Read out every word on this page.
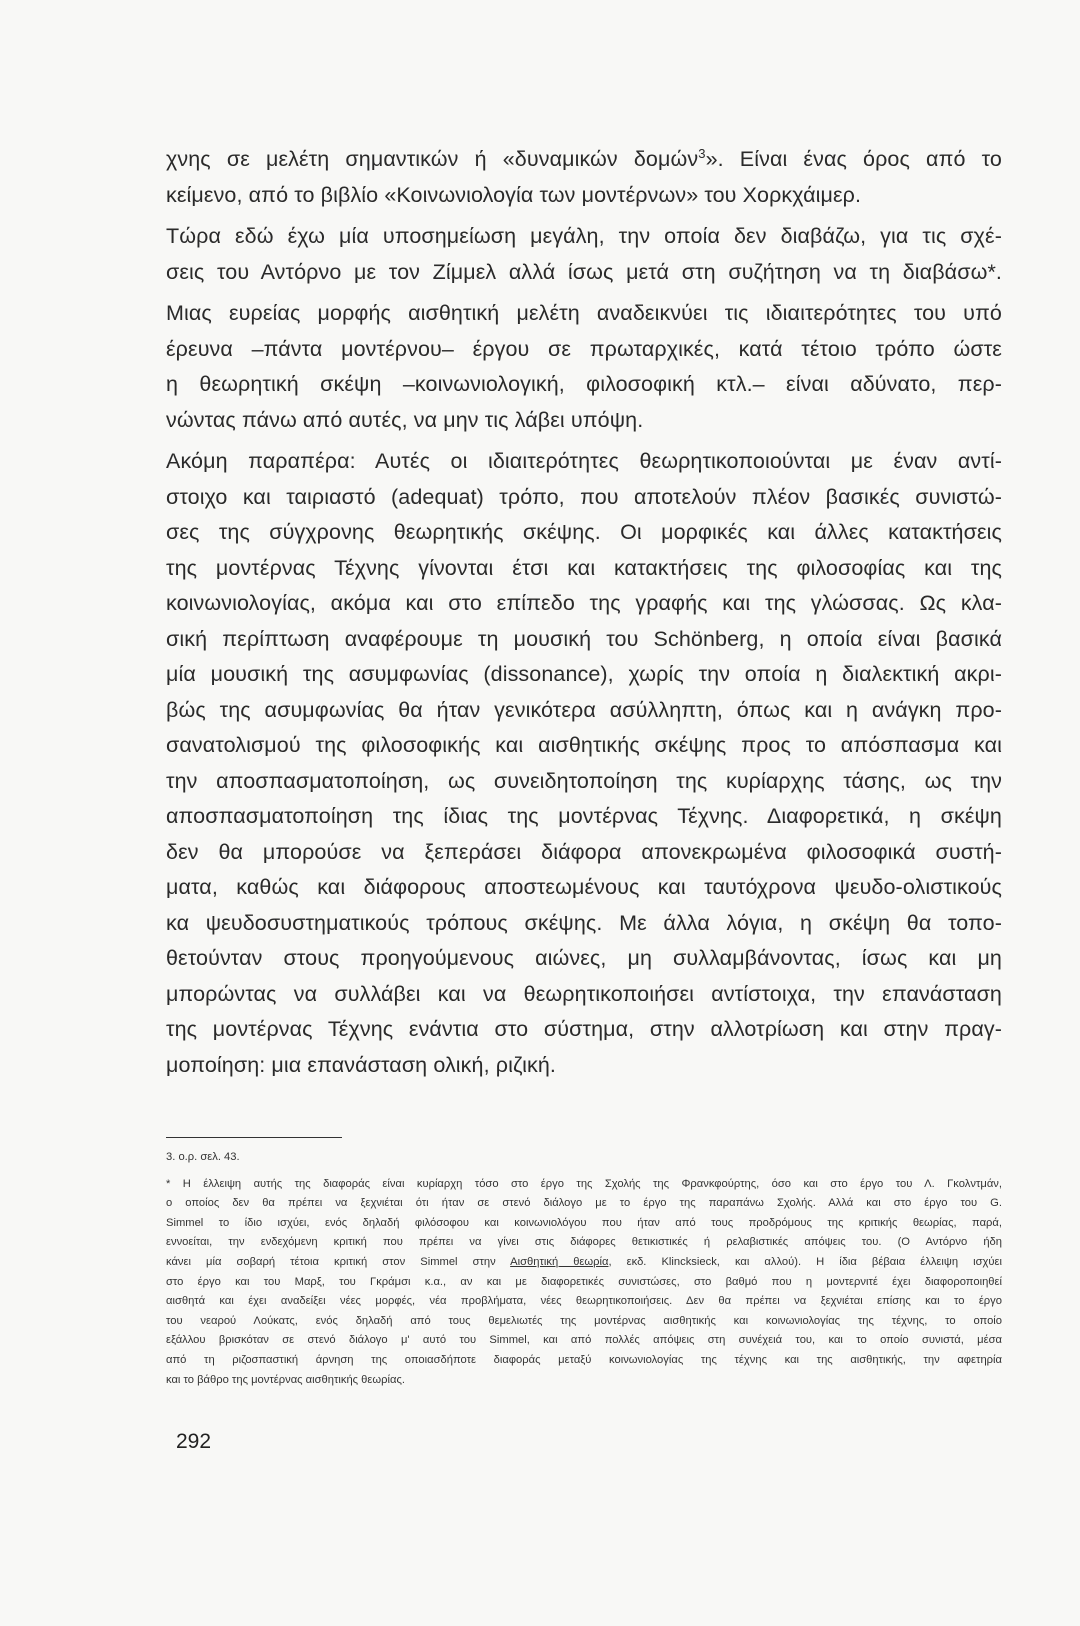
χνης σε μελέτη σημαντικών ή «δυναμικών δομών$^3$». Είναι ένας όρος από το
κείμενο, από το βιβλίο «Κοινωνιολογία των μοντέρνων» του Χορκχάιμερ.
Τώρα εδώ έχω μία υποσημείωση μεγάλη, την οποία δεν διαβάζω, για τις σχέ-
σεις του Αντόρνο με τον Ζίμμελ αλλά ίσως μετά στη συζήτηση να τη διαβάσω*.
Μιας ευρείας μορφής αισθητική μελέτη αναδεικνύει τις ιδιαιτερότητες του υπό
έρευνα –πάντα μοντέρνου– έργου σε πρωταρχικές, κατά τέτοιο τρόπο ώστε
η θεωρητική σκέψη –κοινωνιολογική, φιλοσοφική κτλ.– είναι αδύνατο, περ-
νώντας πάνω από αυτές, να μην τις λάβει υπόψη.
Ακόμη παραπέρα: Αυτές οι ιδιαιτερότητες θεωρητικοποιούνται με έναν αντί-
στοιχο και ταιριαστό (adequat) τρόπο, που αποτελούν πλέον βασικές συνιστώ-
σες της σύγχρονης θεωρητικής σκέψης. Οι μορφικές και άλλες κατακτήσεις
της μοντέρνας Τέχνης γίνονται έτσι και κατακτήσεις της φιλοσοφίας και της
κοινωνιολογίας, ακόμα και στο επίπεδο της γραφής και της γλώσσας. Ως κλα-
σική περίπτωση αναφέρουμε τη μουσική του Schönberg, η οποία είναι βασικά
μία μουσική της ασυμφωνίας (dissonance), χωρίς την οποία η διαλεκτική ακρι-
βώς της ασυμφωνίας θα ήταν γενικότερα ασύλληπτη, όπως και η ανάγκη προ-
σανατολισμού της φιλοσοφικής και αισθητικής σκέψης προς το απόσπασμα και
την αποσπασματοποίηση, ως συνειδητοποίηση της κυρίαρχης τάσης, ως την
αποσπασματοποίηση της ίδιας της μοντέρνας Τέχνης. Διαφορετικά, η σκέψη
δεν θα μπορούσε να ξεπεράσει διάφορα απονεκρωμένα φιλοσοφικά συστή-
ματα, καθώς και διάφορους αποστεωμένους και ταυτόχρονα ψευδο-ολιστικούς
κα ψευδοσυστηματικούς τρόπους σκέψης. Με άλλα λόγια, η σκέψη θα τοπο-
θετούνταν στους προηγούμενους αιώνες, μη συλλαμβάνοντας, ίσως και μη
μπορώντας να συλλάβει και να θεωρητικοποιήσει αντίστοιχα, την επανάσταση
της μοντέρνας Τέχνης ενάντια στο σύστημα, στην αλλοτρίωση και στην πραγ-
μοποίηση: μια επανάσταση ολική, ριζική.
3. ο.ρ. σελ. 43.
* Η έλλειψη αυτής της διαφοράς είναι κυρίαρχη τόσο στο έργο της Σχολής της Φρανκφούρτης, όσο και στο έργο του Λ. Γκολντμάν,
ο οποίος δεν θα πρέπει να ξεχνιέται ότι ήταν σε στενό διάλογο με το έργο της παραπάνω Σχολής. Αλλά και στο έργο του G.
Simmel το ίδιο ισχύει, ενός δηλαδή φιλόσοφου και κοινωνιολόγου που ήταν από τους προδρόμους της κριτικής θεωρίας, παρά,
εννοείται, την ενδεχόμενη κριτική που πρέπει να γίνει στις διάφορες θετικιστικές ή ρελαβιστικές απόψεις του. (Ο Αντόρνο ήδη
κάνει μία σοβαρή τέτοια κριτική στον Simmel στην Αισθητική θεωρία, εκδ. Klincksieck, και αλλού). Η ίδια βέβαια έλλειψη ισχύει
στο έργο και του Μαρξ, του Γκράμσι κ.α., αν και με διαφορετικές συνιστώσες, στο βαθμό που η μοντερνιτέ έχει διαφοροποιηθεί
αισθητά και έχει αναδείξει νέες μορφές, νέα προβλήματα, νέες θεωρητικοποιήσεις. Δεν θα πρέπει να ξεχνιέται επίσης και το έργο
του νεαρού Λούκατς, ενός δηλαδή από τους θεμελιωτές της μοντέρνας αισθητικής και κοινωνιολογίας της τέχνης, το οποίο
εξάλλου βρισκόταν σε στενό διάλογο μ' αυτό του Simmel, και από πολλές απόψεις στη συνέχειά του, και το οποίο συνιστά, μέσα
από τη ριζοσπαστική άρνηση της οποιασδήποτε διαφοράς μεταξύ κοινωνιολογίας της τέχνης και της αισθητικής, την αφετηρία
και το βάθρο της μοντέρνας αισθητικής θεωρίας.
292
